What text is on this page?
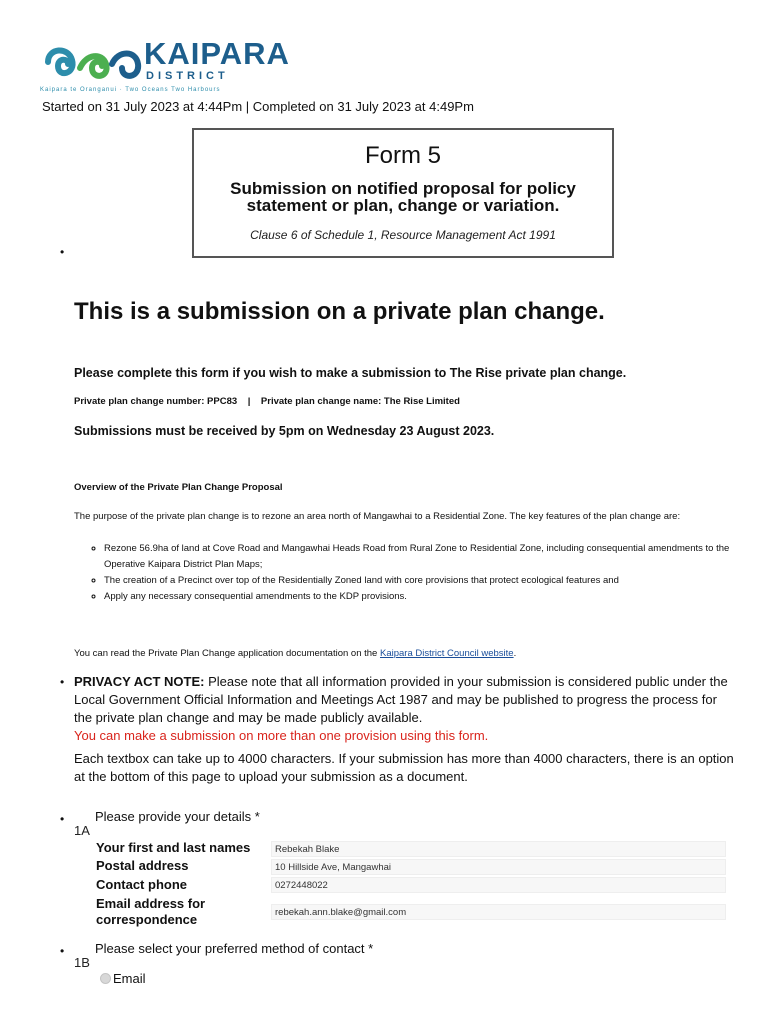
KAIPARA
DISTRICT
Kaipara te Oranganui · Two Oceans Two Harbours
Started on 31 July 2023 at 4:44Pm | Completed on 31 July 2023 at 4:49Pm
Form 5
Submission on notified proposal for policy
statement or plan, change or variation.
Clause 6 of Schedule 1, Resource Management Act 1991
•
This is a submission on a private plan change.
Please complete this form if you wish to make a submission to The Rise private plan change.
Private plan change number: PPC83    |    Private plan change name: The Rise Limited
Submissions must be received by 5pm on Wednesday 23 August 2023.
Overview of the Private Plan Change Proposal
The purpose of the private plan change is to rezone an area north of Mangawhai to a Residential Zone. The key features of the plan change are:
◦ Rezone 56.9ha of land at Cove Road and Mangawhai Heads Road from Rural Zone to Residential Zone, including consequential amendments to the Operative Kaipara District Plan Maps;
◦ The creation of a Precinct over top of the Residentially Zoned land with core provisions that protect ecological features and
◦ Apply any necessary consequential amendments to the KDP provisions.
You can read the Private Plan Change application documentation on the Kaipara District Council website.
• PRIVACY ACT NOTE: Please note that all information provided in your submission is considered public under the Local Government Official Information and Meetings Act 1987 and may be published to progress the process for the private plan change and may be made publicly available.
You can make a submission on more than one provision using this form.
Each textbox can take up to 4000 characters. If your submission has more than 4000 characters, there is an option at the bottom of this page to upload your submission as a document.
• Please provide your details *
1A
Your first and last names	Rebekah Blake
Postal address	10 Hillside Ave, Mangawhai
Contact phone	0272448022
Email address for correspondence	rebekah.ann.blake@gmail.com
• Please select your preferred method of contact *
1B
Email
